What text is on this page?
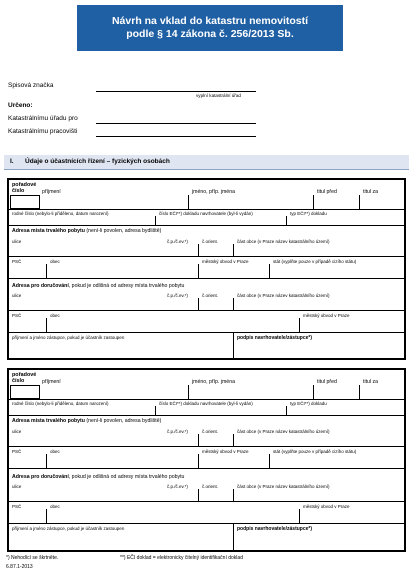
Návrh na vklad do katastru nemovitostí
podle § 14 zákona č. 256/2013 Sb.
Spisová značka
vyplní katastrální úřad
Určeno:
Katastrálnímu úřadu pro
Katastrálnímu pracovišti
I. Údaje o účastnících řízení – fyzických osobách
pořadové
číslo	příjmení	jméno, příp. jména	titul před	titul za
rodné číslo (nebylo-li přiděleno, datum narození)	číslo EČI**) dokladu navrhovatele (byl-li vydán)	typ EČI**) dokladu
Adresa místa trvalého pobytu (není-li povolen, adresa bydliště)
ulice	č.p./č.ev.*)	č.orient.	část obce (v Praze název katastrálního území)
PSČ	obec	městský obvod v Praze	stát (vyplňte pouze v případě cizího státu)
Adresa pro doručování, pokud je odlišná od adresy místa trvalého pobytu
ulice	č.p./č.ev.*)	č.orient.	část obce (v Praze název katastrálního území)
PSČ	obec	městský obvod v Praze
příjmení a jméno zástupce, pokud je účastník zastoupen	podpis navrhovatele/zástupce*)
pořadové
číslo	příjmení	jméno, příp. jména	titul před	titul za
rodné číslo (nebylo-li přiděleno, datum narození)	číslo EČI**) dokladu navrhovatele (byl-li vydán)	typ EČI**) dokladu
Adresa místa trvalého pobytu (není-li povolen, adresa bydliště)
ulice	č.p./č.ev.*)	č.orient.	část obce (v Praze název katastrálního území)
PSČ	obec	městský obvod v Praze	stát (vyplňte pouze v případě cizího státu)
Adresa pro doručování, pokud je odlišná od adresy místa trvalého pobytu
ulice	č.p./č.ev.*)	č.orient.	část obce (v Praze název katastrálního území)
PSČ	obec	městský obvod v Praze
příjmení a jméno zástupce, pokud je účastník zastoupen	podpis navrhovatele/zástupce*)
*) Nehodící se škrtněte.	**) EČI doklad = elektronicky čitelný identifikační doklad
6.87.1-2013
